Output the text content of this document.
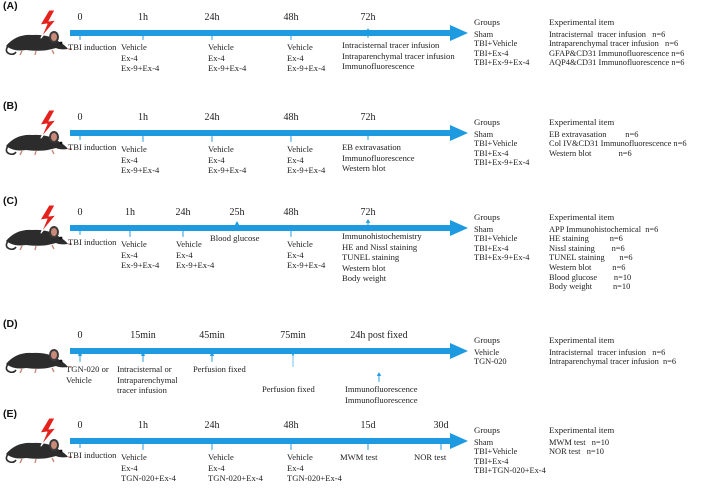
(A)
0
TBI induction
1h
Vehicle
Ex-4
Ex-9+Ex-4
24h
Vehicle
Ex-4
Ex-9+Ex-4
48h
Vehicle
Ex-4
Ex-9+Ex-4
72h
Intracisternal tracer infusion
Intraparenchymal tracer infusion
Immunofluorescence
Groups
Sham
TBI+Vehicle
TBI+Ex-4
TBI+Ex-9+Ex-4
Experimental item
Intracisternal  tracer infusion   n=6
Intraparenchymal tracer infusion   n=6
GFAP&CD31 Immunofluorescence n=6
AQP4&CD31 Immunofluorescence n=6
(B)
0
TBI induction
1h
Vehicle
Ex-4
Ex-9+Ex-4
24h
Vehicle
Ex-4
Ex-9+Ex-4
48h
Vehicle
Ex-4
Ex-9+Ex-4
72h
EB extravasation
Immunofluorescence
Western blot
Groups
Sham
TBI+Vehicle
TBI+Ex-4
TBI+Ex-9+Ex-4
Experimental item
EB extravasation         n=6
Col IV&CD31 Immunofluorescence n=6
Western blot             n=6

(C)
0
TBI induction
1h
Vehicle
Ex-4
Ex-9+Ex-4
24h
Vehicle
Ex-4
Ex-9+Ex-4
25h
Blood glucose
48h
Vehicle
Ex-4
Ex-9+Ex-4
72h
Immunohistochemistry
HE and Nissl staining
TUNEL staining
Western blot
Body weight
Groups
Sham
TBI+Vehicle
TBI+Ex-4
TBI+Ex-9+Ex-4
Experimental item
APP Immunohistochemical  n=6
HE staining          n=6
Nissl staining        n=6
TUNEL staining       n=6
Western blot          n=6
Blood glucose        n=10
Body weight          n=10
(D)
0
TGN-020 or
Vehicle
15min
Intracisternal or
Intraparenchymal
tracer infusion
45min
Perfusion fixed
75min
Perfusion fixed
24h post fixed
Immunofluorescence
Immunofluorescence
Groups
Vehicle
TGN-020
Experimental item
Intracisternal  tracer infusion   n=6
Intraparenchymal tracer infusion  n=6
(E)
0
TBI induction
1h
Vehicle
Ex-4
TGN-020+Ex-4
24h
Vehicle
Ex-4
TGN-020+Ex-4
48h
Vehicle
Ex-4
TGN-020+Ex-4
15d
MWM test
30d
NOR test
Groups
Sham
TBI+Vehicle
TBI+Ex-4
TBI+TGN-020+Ex-4
Experimental item
MWM test   n=10
NOR test   n=10
